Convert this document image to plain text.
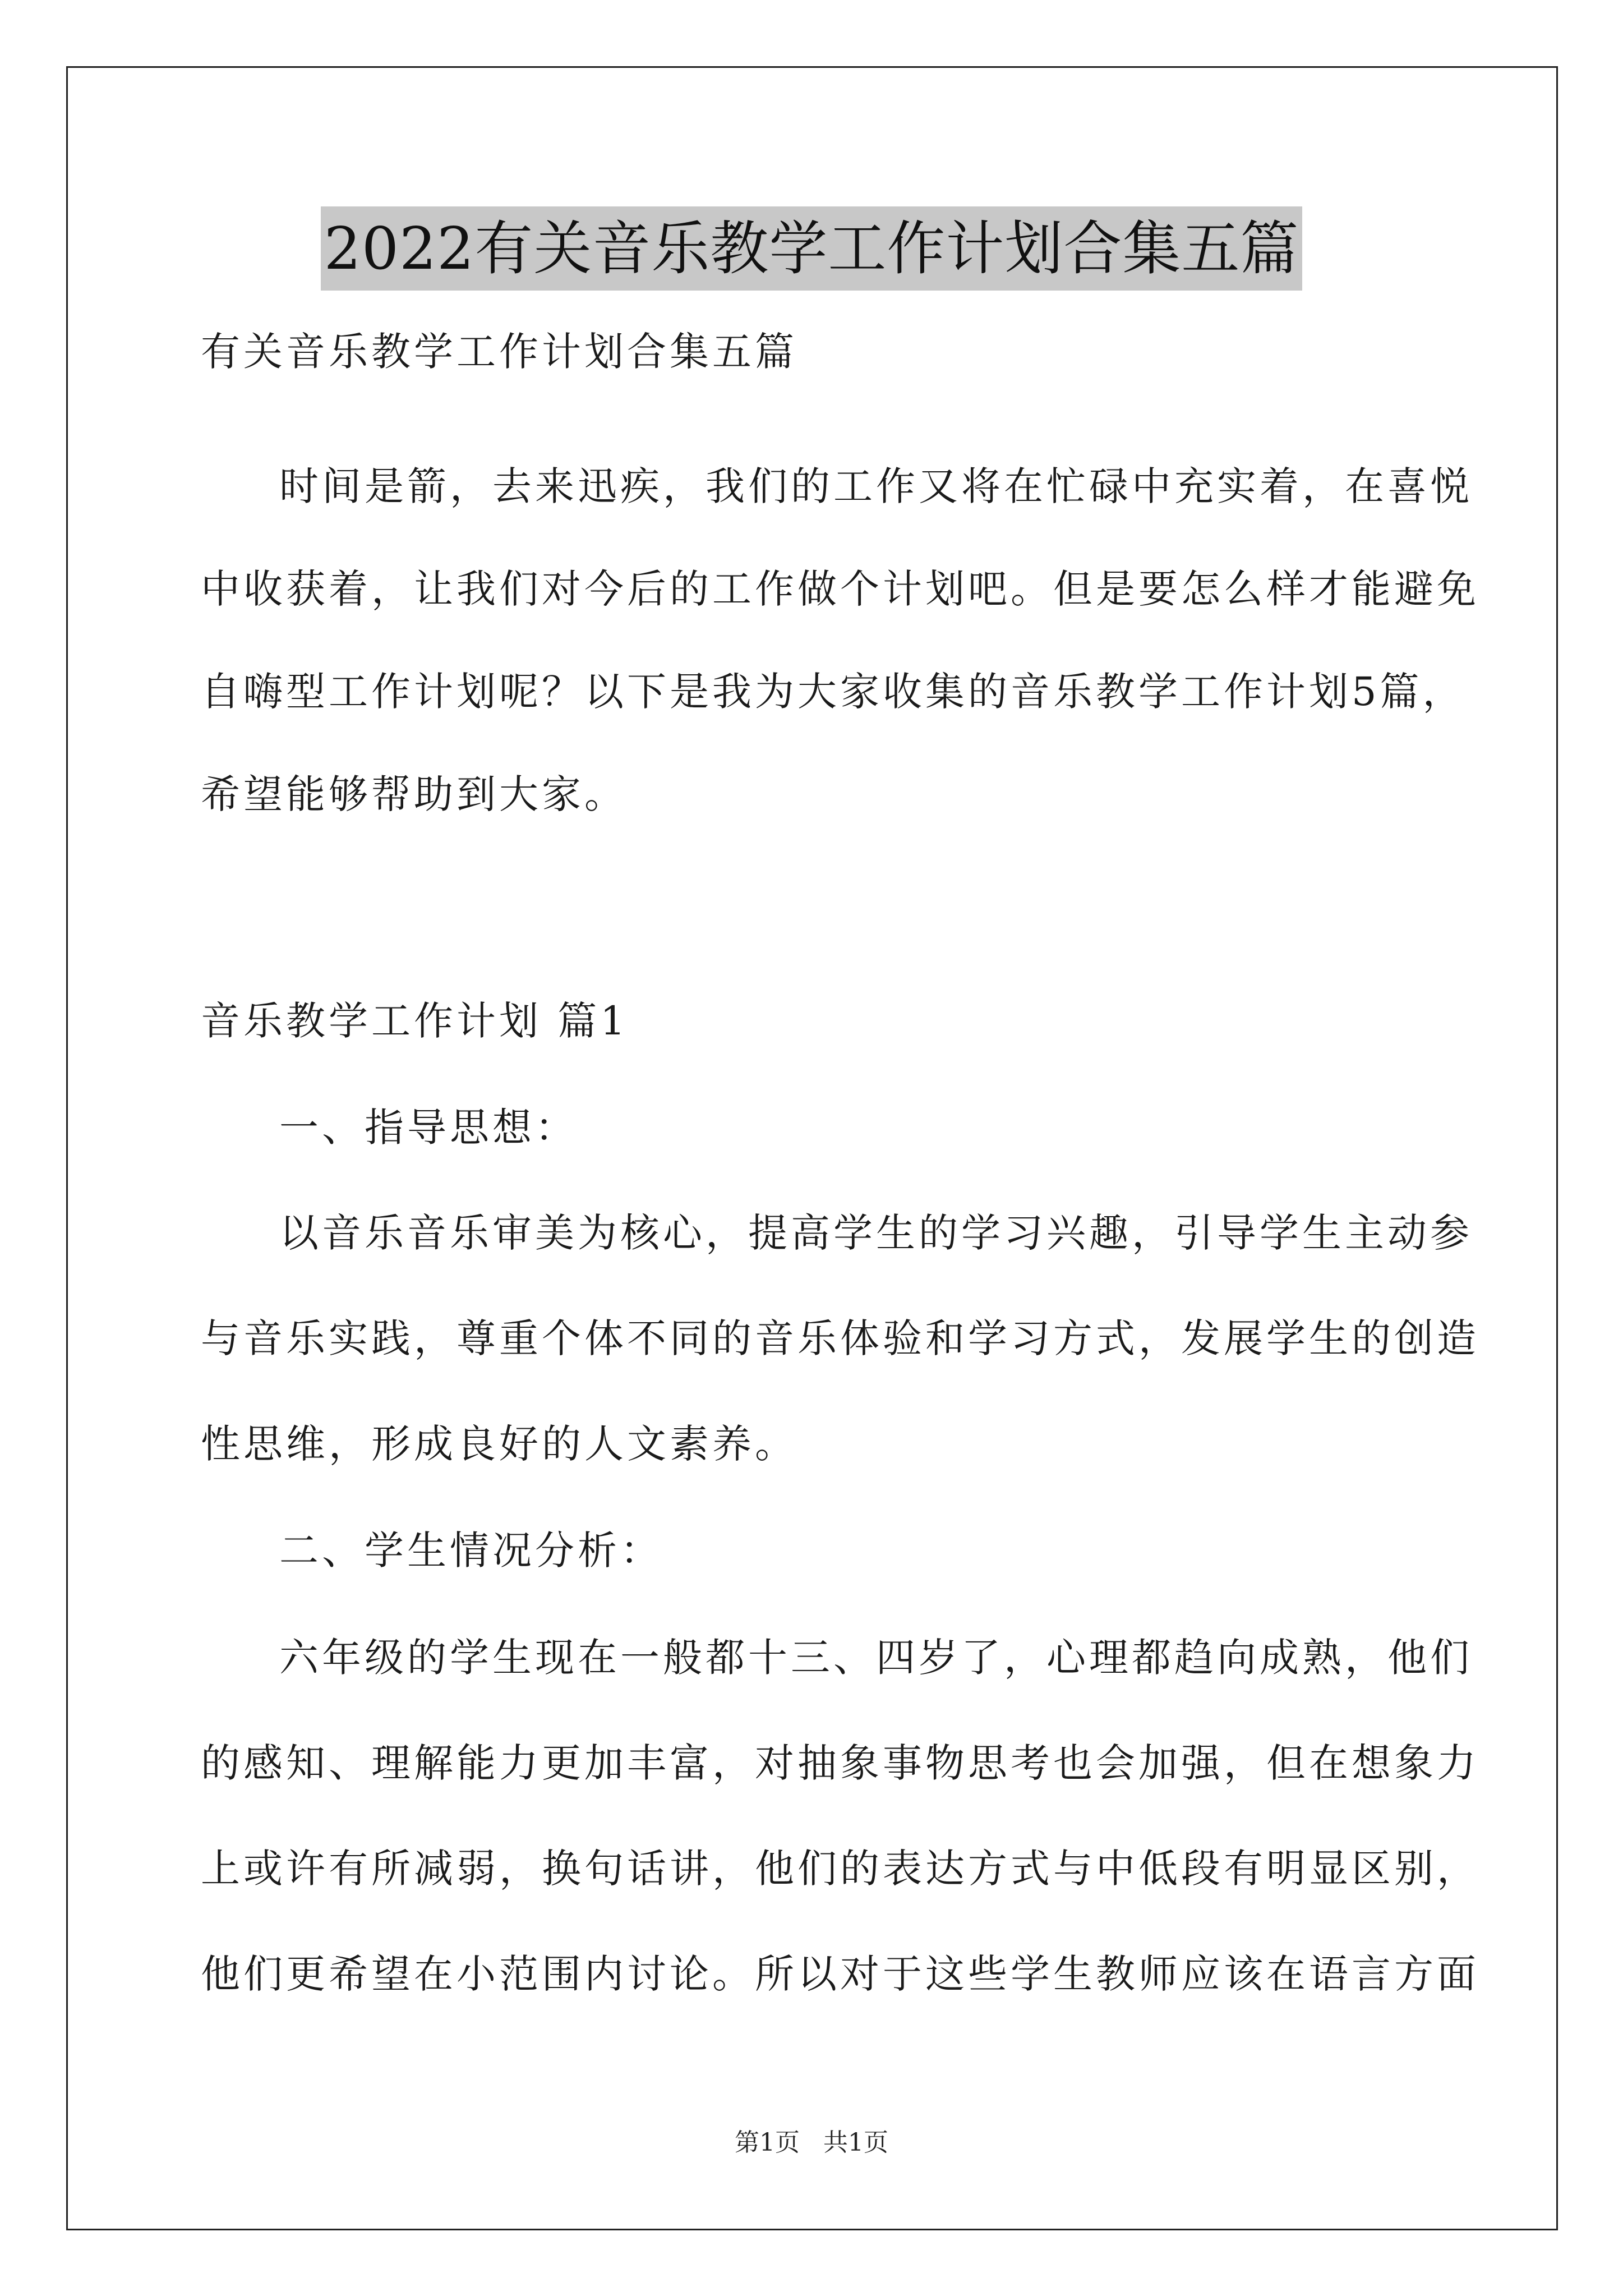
2022有关音乐教学工作计划合集五篇
有关音乐教学工作计划合集五篇
时间是箭，去来迅疾，我们的工作又将在忙碌中充实着，在喜悦
中收获着，让我们对今后的工作做个计划吧。但是要怎么样才能避免
自嗨型工作计划呢？以下是我为大家收集的音乐教学工作计划5篇，
希望能够帮助到大家。
音乐教学工作计划 篇1
一、指导思想：
以音乐音乐审美为核心，提高学生的学习兴趣，引导学生主动参
与音乐实践，尊重个体不同的音乐体验和学习方式，发展学生的创造
性思维，形成良好的人文素养。
二、学生情况分析：
六年级的学生现在一般都十三、四岁了，心理都趋向成熟，他们
的感知、理解能力更加丰富，对抽象事物思考也会加强，但在想象力
上或许有所减弱，换句话讲，他们的表达方式与中低段有明显区别，
他们更希望在小范围内讨论。所以对于这些学生教师应该在语言方面
第1页   共1页
